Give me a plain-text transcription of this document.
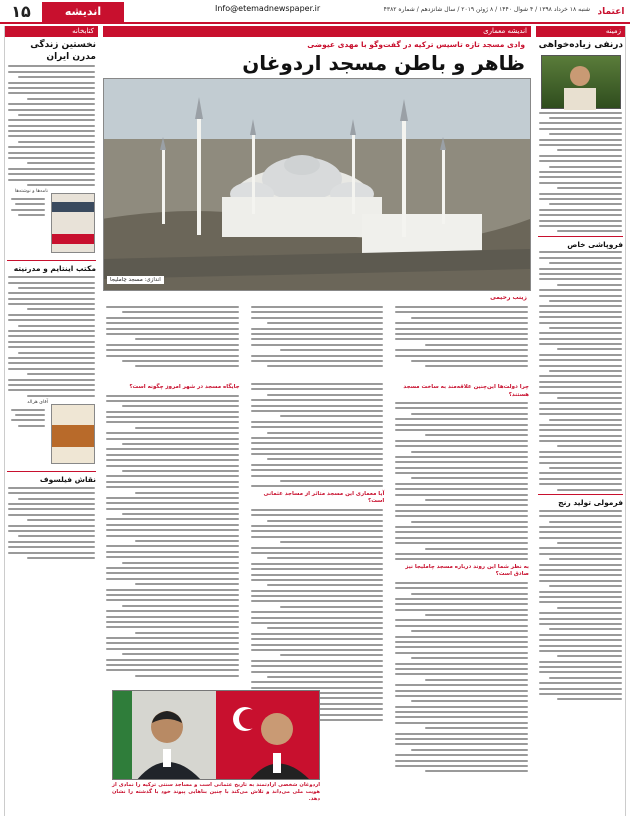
۱۵	اندیشه	Info@etemadnewspaper.ir	شنبه ۱۸ خرداد ۱۳۹۸ / ۴ شوال ۱۴۴۰ / ۸ ژوئن ۲۰۱۹ / سال شانزدهم / شماره ۴۳۸۲ اعتماد
زمینه
درنفی زیاده‌خواهی
فروپاشی خاص
فرمولی تولید رنج
کتابخانه
نخستین زندگی مدرن ایران
نامه‌ها و نوشته‌ها
مکتب اینتایم و مدرنیته
آقای هرالد
نقاش فیلسوف
اندیشه معماری
وادی مسجد تازه تاسیس ترکیه در گفت‌و‌گو با مهدی عیوضی
ظاهر و باطن مسجد اردوغان
اندازی: مسجد چاملیجا
زینب رحیمی
چرا دولت‌ها این‌چنین علاقه‌مند به ساخت مسجد هستند؟
به نظر شما این روند درباره مسجد چاملیجا نیز صادق است؟
آیا معماری این مسجد متاثر از مساجد عثمانی است؟
جایگاه مسجد در شهر امروز چگونه است؟
اردوغان شخصی ارادتمند به تاریخ عثمانی است و مساجد سنتی ترکیه را نمادی از هویت ملی می‌داند و تلاش می‌کند با چنین بناهایی پیوند خود با گذشته را نشان دهد.
